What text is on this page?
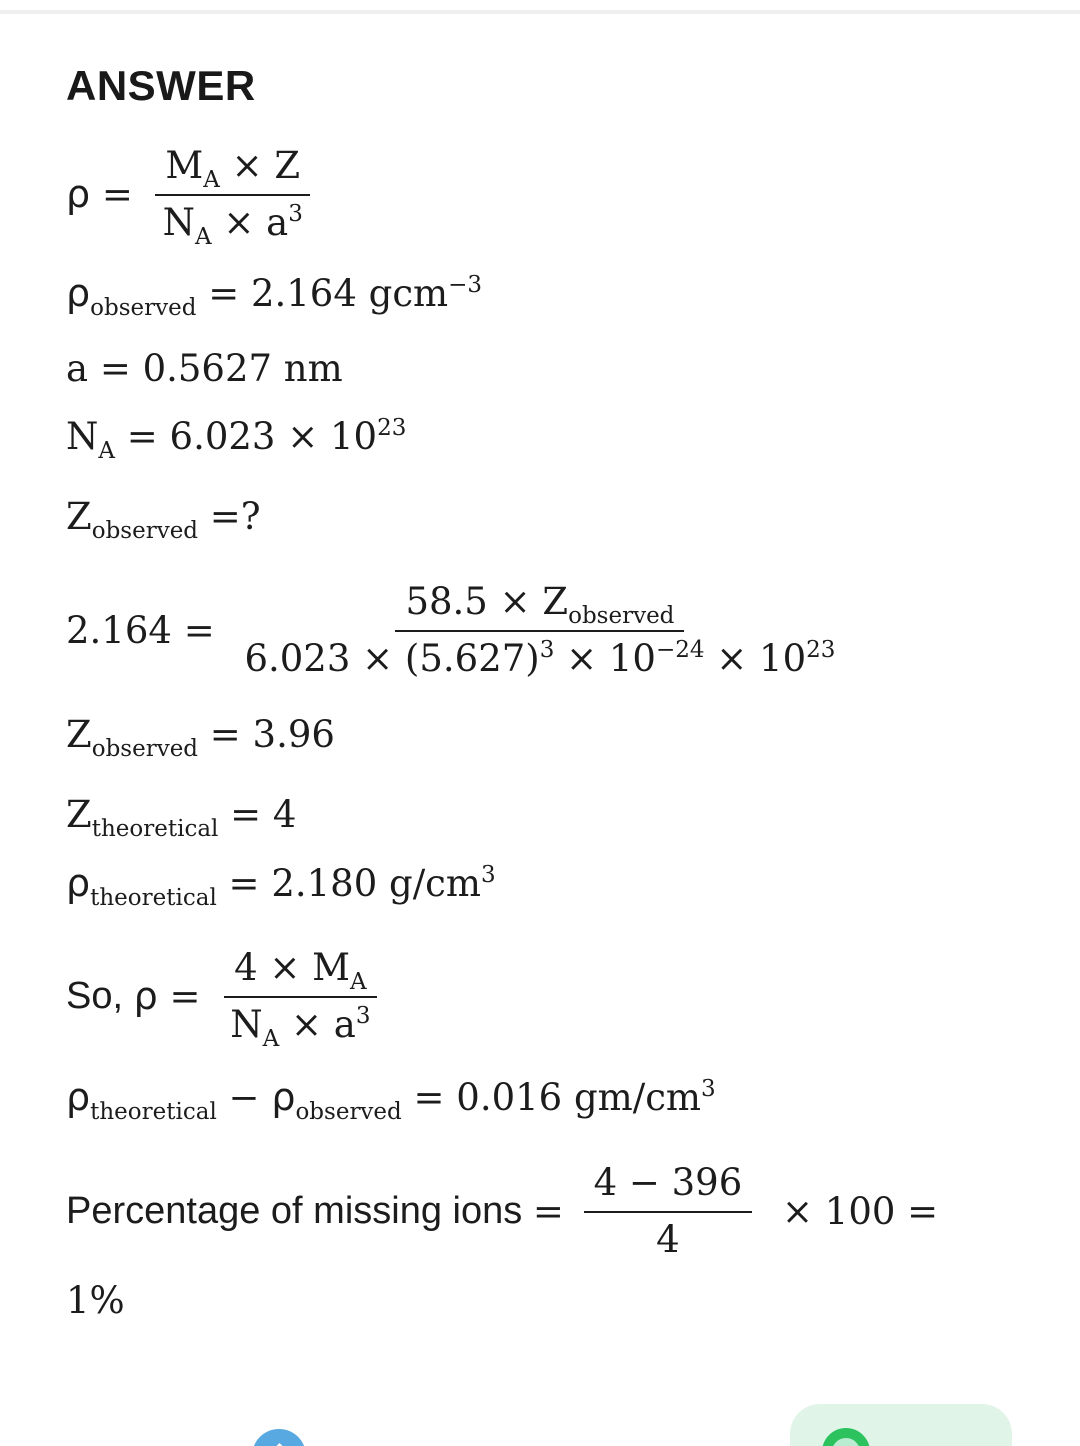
ANSWER
$\rho = \frac{M_A \times Z}{N_A \times a^3}$
$\rho_{observed} = 2.164$ gcm$^{-3}$
a = 0.5627 nm
$N_A = 6.023 \times 10^{23}$
$Z_{observed}$ =?
$2.164 = \frac{58.5 \times Z_{observed}}{6.023 \times (5.627)^3 \times 10^{-24} \times 10^{23}}$
$Z_{observed} = 3.96$
$Z_{theoretical} = 4$
$\rho_{theoretical} = 2.180$ $g/cm^3$
So, $\rho = \frac{4 \times M_A}{N_A \times a^3}$
$\rho_{theoretical} - \rho_{observed} = 0.016$ $gm/cm^3$
Percentage of missing ions = $\frac{4 - 396}{4} \times 100$ =
1%
